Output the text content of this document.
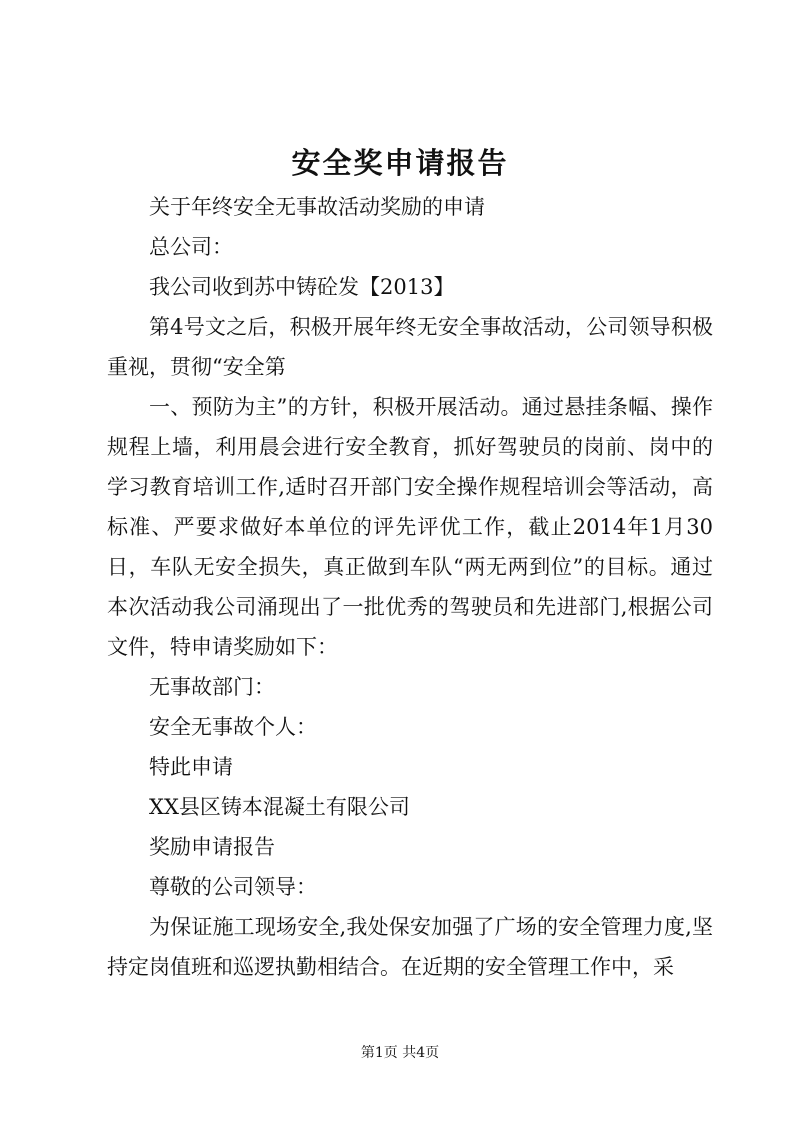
安全奖申请报告

关于年终安全无事故活动奖励的申请

总公司：

我公司收到苏中铸砼发【2013】

第4号文之后，积极开展年终无安全事故活动，公司领导积极重视，贯彻“安全第

一、预防为主”的方针，积极开展活动。通过悬挂条幅、操作规程上墙，利用晨会进行安全教育，抓好驾驶员的岗前、岗中的学习教育培训工作,适时召开部门安全操作规程培训会等活动，高标准、严要求做好本单位的评先评优工作，截止2014年1月30日，车队无安全损失，真正做到车队“两无两到位”的目标。通过本次活动我公司涌现出了一批优秀的驾驶员和先进部门,根据公司文件，特申请奖励如下：

无事故部门：

安全无事故个人：

特此申请

XX县区铸本混凝土有限公司

奖励申请报告

尊敬的公司领导：

为保证施工现场安全,我处保安加强了广场的安全管理力度,坚持定岗值班和巡逻执勤相结合。在近期的安全管理工作中，采

第1页 共4页
